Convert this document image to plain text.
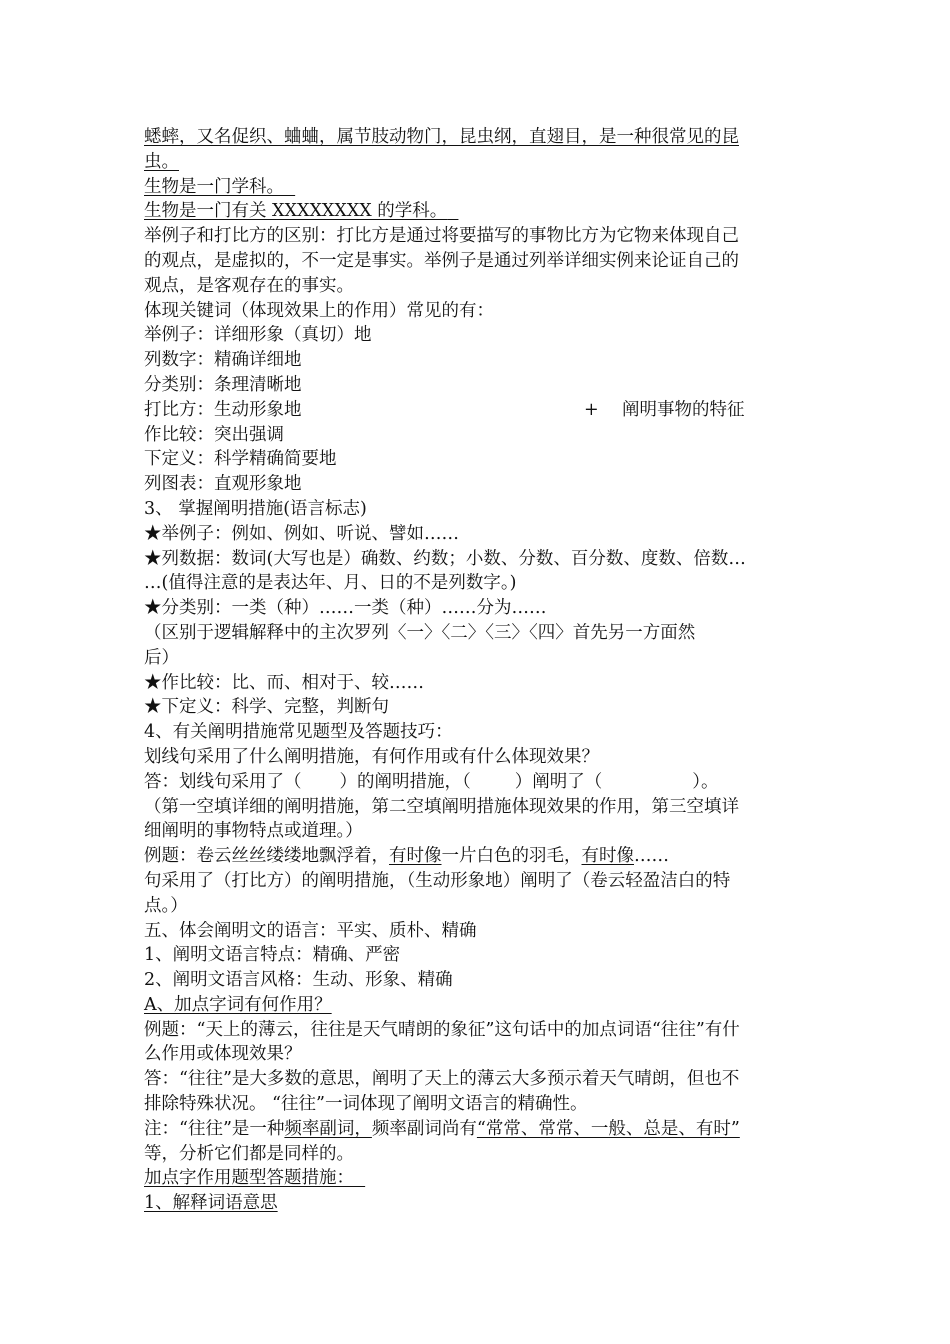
蟋蟀，又名促织、蛐蛐，属节肢动物门，昆虫纲，直翅目，是一种很常见的昆
虫。
生物是一门学科。
生物是一门有关 XXXXXXXX 的学科。
举例子和打比方的区别：打比方是通过将要描写的事物比方为它物来体现自己
的观点，是虚拟的，不一定是事实。举例子是通过列举详细实例来论证自己的
观点，是客观存在的事实。
体现关键词（体现效果上的作用）常见的有：
举例子：详细形象（真切）地
列数字：精确详细地
分类别：条理清晰地
打比方：生动形象地	+ 阐明事物的特征
作比较：突出强调
下定义：科学精确简要地
列图表：直观形象地
3、 掌握阐明措施(语言标志)
★举例子：例如、例如、听说、譬如……
★列数据：数词(大写也是）确数、约数；小数、分数、百分数、度数、倍数…
…(值得注意的是表达年、月、日的不是列数字。)
★分类别：一类（种）……一类（种）……分为……
（区别于逻辑解释中的主次罗列〈一〉〈二〉〈三〉〈四〉首先另一方面然
后）
★作比较：比、而、相对于、较……
★下定义：科学、完整，判断句
4、有关阐明措施常见题型及答题技巧：
划线句采用了什么阐明措施，有何作用或有什么体现效果？
答：划线句采用了（ ）的阐明措施，（	）阐明了（	）。
（第一空填详细的阐明措施，第二空填阐明措施体现效果的作用，第三空填详
细阐明的事物特点或道理。）
例题：卷云丝丝缕缕地飘浮着，有时像一片白色的羽毛，有时像……
句采用了（打比方）的阐明措施，（生动形象地）阐明了（卷云轻盈洁白的特
点。）
五、体会阐明文的语言：平实、质朴、精确
1、阐明文语言特点：精确、严密
2、阐明文语言风格：生动、形象、精确
A、加点字词有何作用？
例题：“天上的薄云，往往是天气晴朗的象征”这句话中的加点词语“往往”有什
么作用或体现效果？
答：“往往”是大多数的意思，阐明了天上的薄云大多预示着天气晴朗，但也不
排除特殊状况。 “往往”一词体现了阐明文语言的精确性。
注：“往往”是一种频率副词，频率副词尚有“常常、常常、一般、总是、有时”
等，分析它们都是同样的。
加点字作用题型答题措施：
1、解释词语意思
